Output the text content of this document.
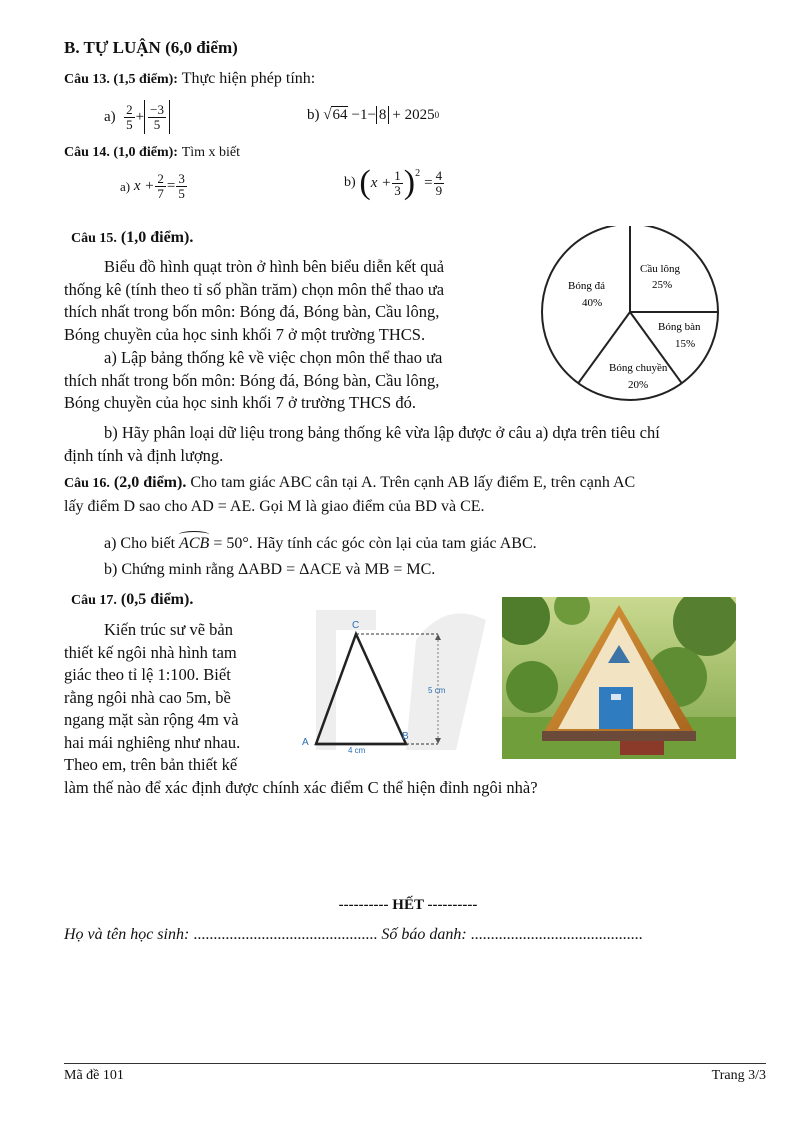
B. TỰ LUẬN (6,0 điểm)
Câu 13. (1,5 điểm): Thực hiện phép tính:
a)
$\frac{2}{5} + \frac{-3}{5}$	b)
√64 −1− 8 + 2025 0
Câu 14. (1,0 điểm): Tìm x biết
a)
$x + \frac{2}{7} = \frac{3}{5}$	b)
( $x + \frac{1}{3} )^2$
= $\frac{4}{9}$
Câu 15. (1,0 điểm).
Biểu đồ hình quạt tròn ở hình bên biểu diễn kết quả
thống kê (tính theo tỉ số phần trăm) chọn môn thể thao ưa
thích nhất trong bốn môn: Bóng đá, Bóng bàn, Cầu lông,
Bóng chuyền của học sinh khối 7 ở một trường THCS.
a) Lập bảng thống kê về việc chọn môn thể thao ưa
thích nhất trong bốn môn: Bóng đá, Bóng bàn, Cầu lông,
Bóng chuyền của học sinh khối 7 ở trường THCS đó.
b) Hãy phân loại dữ liệu trong bảng thống kê vừa lập được ở câu a) dựa trên tiêu chí
định tính và định lượng.
Bóng đá
40%
Cầu lông
25%
Bóng bàn
15%
Bóng chuyền
20%
Câu 16. (2,0 điểm). Cho tam giác ABC cân tại A. Trên cạnh AB lấy điểm E, trên cạnh AC
lấy điểm D sao cho AD = AE. Gọi M là giao điểm của BD và CE.
a) Cho biết ACB = 50°. Hãy tính các góc còn lại của tam giác ABC.
b) Chứng minh rằng ΔABD = ΔACE và MB = MC.
Câu 17. (0,5 điểm).
Kiến trúc sư vẽ bản
thiết kế ngôi nhà hình tam
giác theo tỉ lệ 1:100. Biết
rằng ngôi nhà cao 5m, bề
ngang mặt sàn rộng 4m và
hai mái nghiêng như nhau.
Theo em, trên bản thiết kế
làm thế nào để xác định được chính xác điểm C thể hiện đỉnh ngôi nhà?
C
A
B
5 cm
4 cm
---------- HẾT ----------
Họ và tên học sinh: .............................................. Số báo danh: ...........................................
Mã đề 101	Trang 3/3
